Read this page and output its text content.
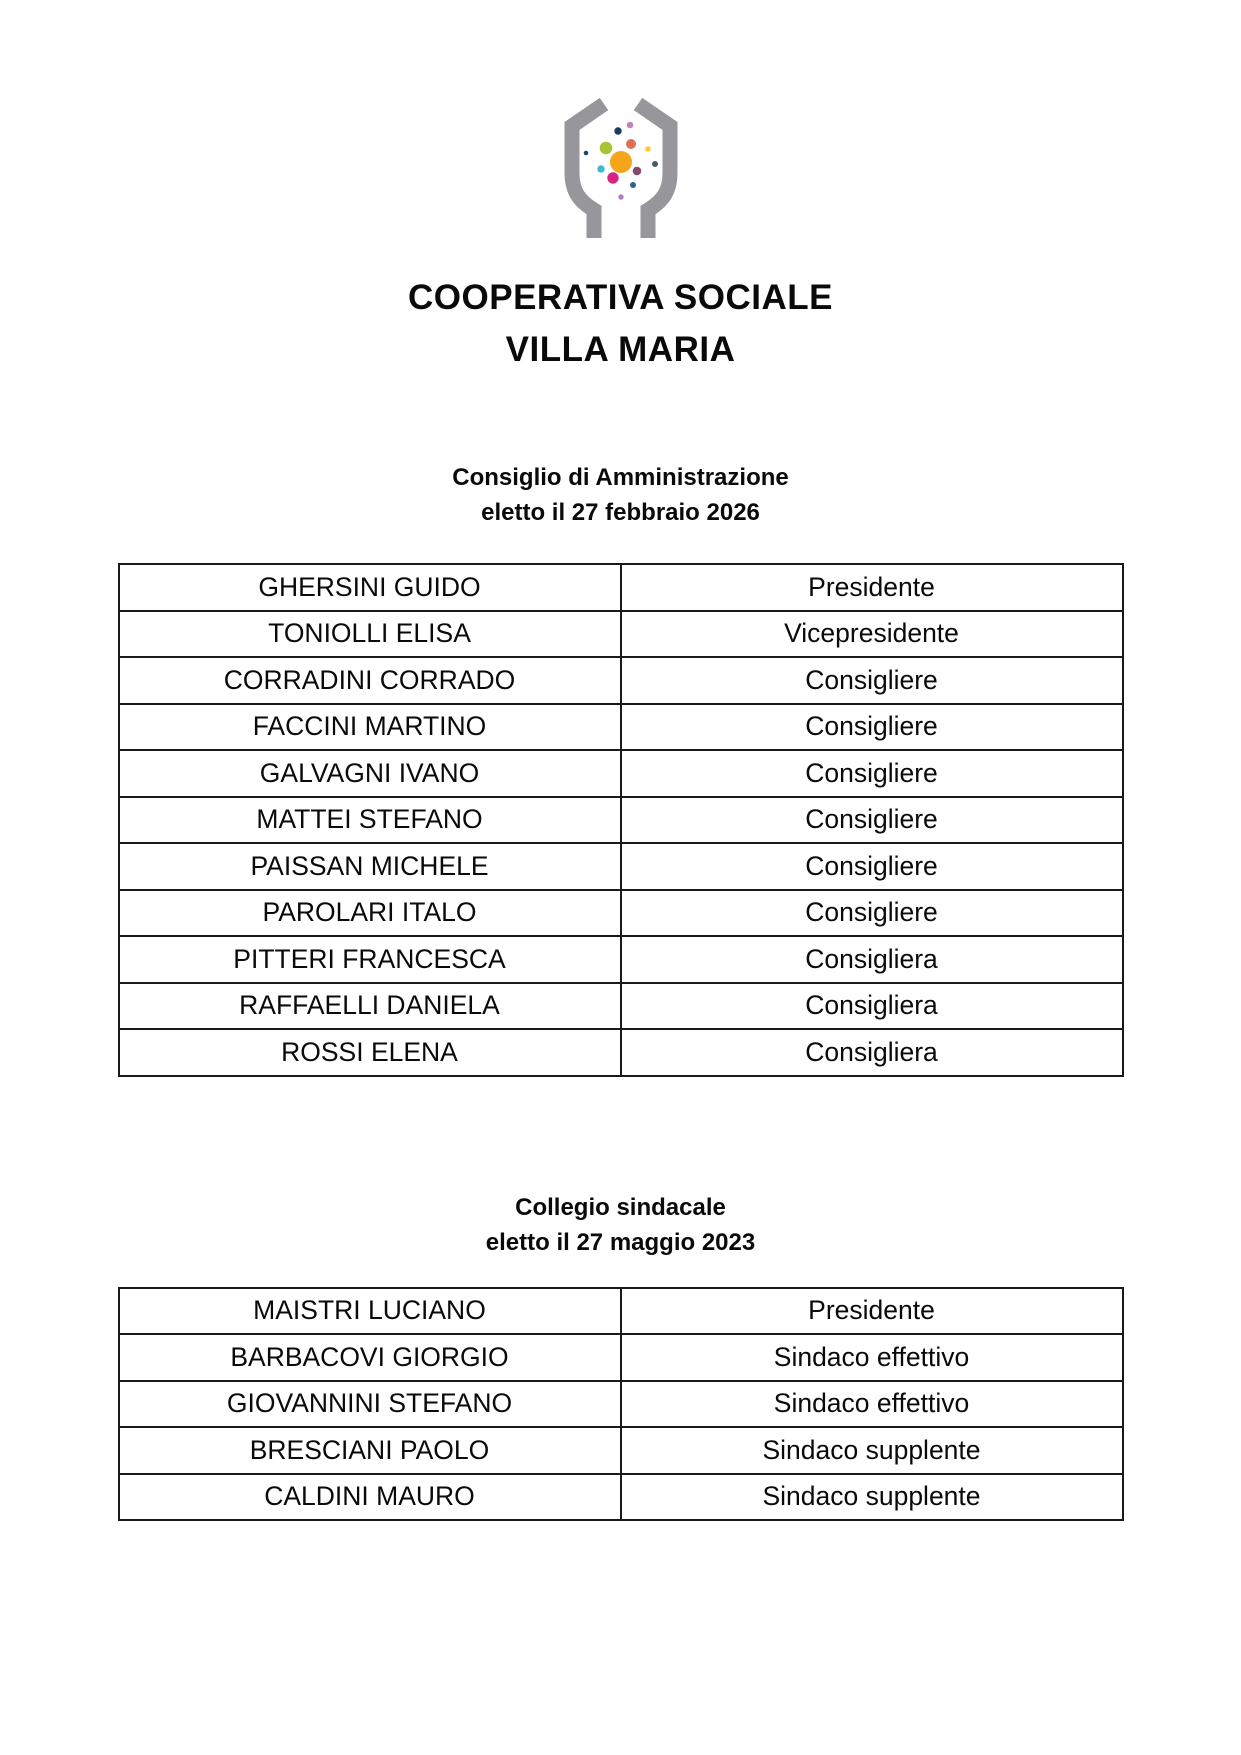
COOPERATIVA SOCIALE
VILLA MARIA
Consiglio di Amministrazione
eletto il 27 febbraio 2026
GHERSINI GUIDO	Presidente
TONIOLLI ELISA	Vicepresidente
CORRADINI CORRADO	Consigliere
FACCINI MARTINO	Consigliere
GALVAGNI IVANO	Consigliere
MATTEI STEFANO	Consigliere
PAISSAN MICHELE	Consigliere
PAROLARI ITALO	Consigliere
PITTERI FRANCESCA	Consigliera
RAFFAELLI DANIELA	Consigliera
ROSSI ELENA	Consigliera
Collegio sindacale
eletto il 27 maggio 2023
MAISTRI LUCIANO	Presidente
BARBACOVI GIORGIO	Sindaco effettivo
GIOVANNINI STEFANO	Sindaco effettivo
BRESCIANI PAOLO	Sindaco supplente
CALDINI MAURO	Sindaco supplente
